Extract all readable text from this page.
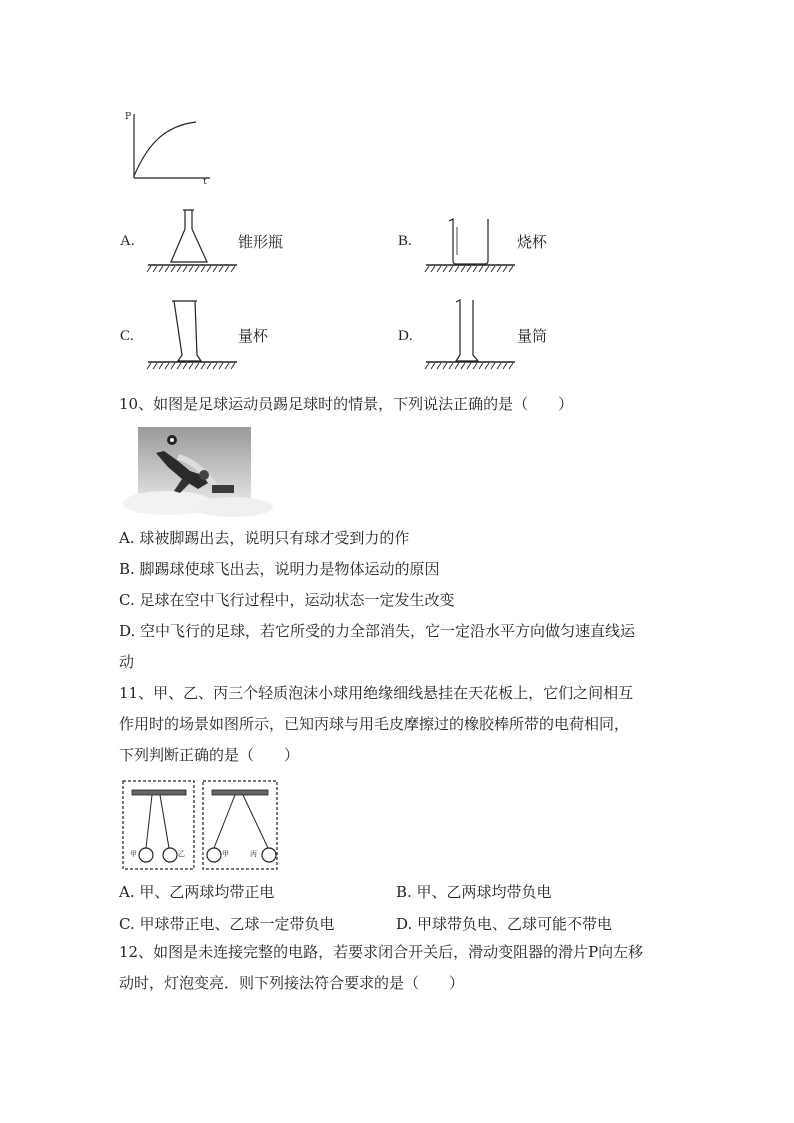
P
t
A.	锥形瓶	B.	烧杯
C.	量杯	D.	量筒
10、如图是足球运动员踢足球时的情景，下列说法正确的是（　　）
A. 球被脚踢出去，说明只有球才受到力的作
B. 脚踢球使球飞出去，说明力是物体运动的原因
C. 足球在空中飞行过程中，运动状态一定发生改变
D. 空中飞行的足球，若它所受的力全部消失，它一定沿水平方向做匀速直线运
动
11、甲、乙、丙三个轻质泡沫小球用绝缘细线悬挂在天花板上，它们之间相互
作用时的场景如图所示，已知丙球与用毛皮摩擦过的橡胶棒所带的电荷相同，
下列判断正确的是（　　）
甲	乙	甲	丙
A. 甲、乙两球均带正电	B. 甲、乙两球均带负电
C. 甲球带正电、乙球一定带负电	D. 甲球带负电、乙球可能不带电
12、如图是未连接完整的电路，若要求闭合开关后，滑动变阻器的滑片P向左移
动时，灯泡变亮．则下列接法符合要求的是（　　）
